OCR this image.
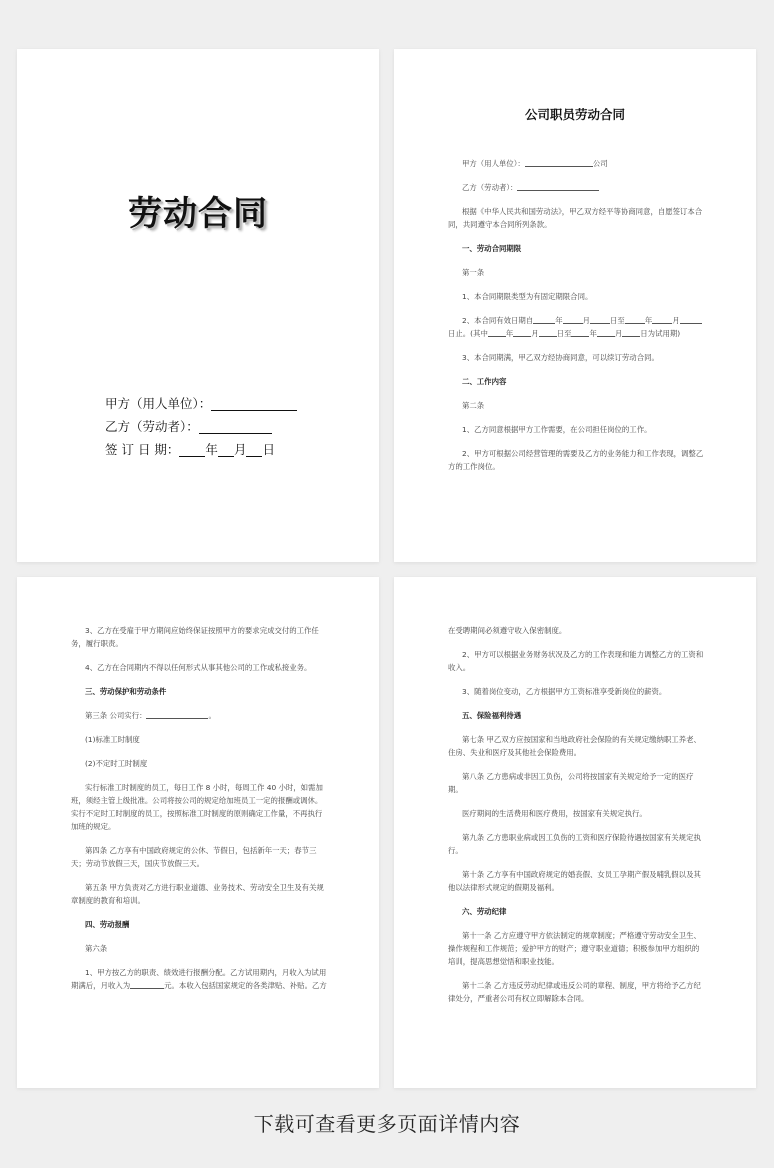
劳动合同
甲方（用人单位）：
乙方（劳动者）：
签 订 日 期： 年 月 日
公司职员劳动合同

甲方（用人单位）：	公司

乙方（劳动者）：

根据《中华人民共和国劳动法》，甲乙双方经平等协商同意，自愿签订本合同，共同遵守本合同所列条款。

一、劳动合同期限

第一条

1、本合同期限类型为有固定期限合同。

2、本合同有效日期自	年	月	日至	年	月日止。(其中 年 月 日至 年 月 日为试用期)

3、本合同期满，甲乙双方经协商同意，可以续订劳动合同。

二、工作内容

第二条

1、乙方同意根据甲方工作需要，在公司担任岗位的工作。

2、甲方可根据公司经营管理的需要及乙方的业务能力和工作表现，调整乙方的工作岗位。

3、乙方在受雇于甲方期间应始终保证按照甲方的要求完成交付的工作任务，履行职责。

4、乙方在合同期内不得以任何形式从事其他公司的工作或私接业务。

三、劳动保护和劳动条件

第三条 公司实行：	。

(1)标准工时制度

(2)不定时工时制度

实行标准工时制度的员工，每日工作 8 小时，每周工作 40 小时，如需加班，须经主管上级批准。公司将按公司的规定给加班员工一定的报酬或调休。实行不定时工时制度的员工，按照标准工时制度的原则确定工作量，不再执行加班的规定。

第四条 乙方享有中国政府规定的公休、节假日，包括新年一天；春节三天；劳动节放假三天，国庆节放假三天。

第五条 甲方负责对乙方进行职业道德、业务技术、劳动安全卫生及有关规章制度的教育和培训。

四、劳动报酬

第六条

1、甲方按乙方的职责、绩效进行报酬分配。乙方试用期内，月收入为试用期满后，月收入为	元。本收入包括国家规定的各类津贴、补贴。乙方

在受聘期间必须遵守收入保密制度。

2、甲方可以根据业务财务状况及乙方的工作表现和能力调整乙方的工资和收入。

3、随着岗位变动，乙方根据甲方工资标准享受新岗位的薪资。

五、保险福利待遇

第七条 甲乙双方应按国家和当地政府社会保险的有关规定缴纳职工养老、住房、失业和医疗及其他社会保险费用。

第八条 乙方患病或非因工负伤，公司将按国家有关规定给予一定的医疗期。

医疗期间的生活费用和医疗费用，按国家有关规定执行。

第九条 乙方患职业病或因工负伤的工资和医疗保险待遇按国家有关规定执行。

第十条 乙方享有中国政府规定的婚丧假、女员工孕期产假及哺乳假以及其他以法律形式规定的假期及福利。

六、劳动纪律

第十一条 乙方应遵守甲方依法制定的规章制度；严格遵守劳动安全卫生、操作规程和工作规范；爱护甲方的财产；遵守职业道德；积极参加甲方组织的培训，提高思想觉悟和职业技能。

第十二条 乙方违反劳动纪律或违反公司的章程、制度，甲方将给予乙方纪律处分，严重者公司有权立即解除本合同。

下载可查看更多页面详情内容
